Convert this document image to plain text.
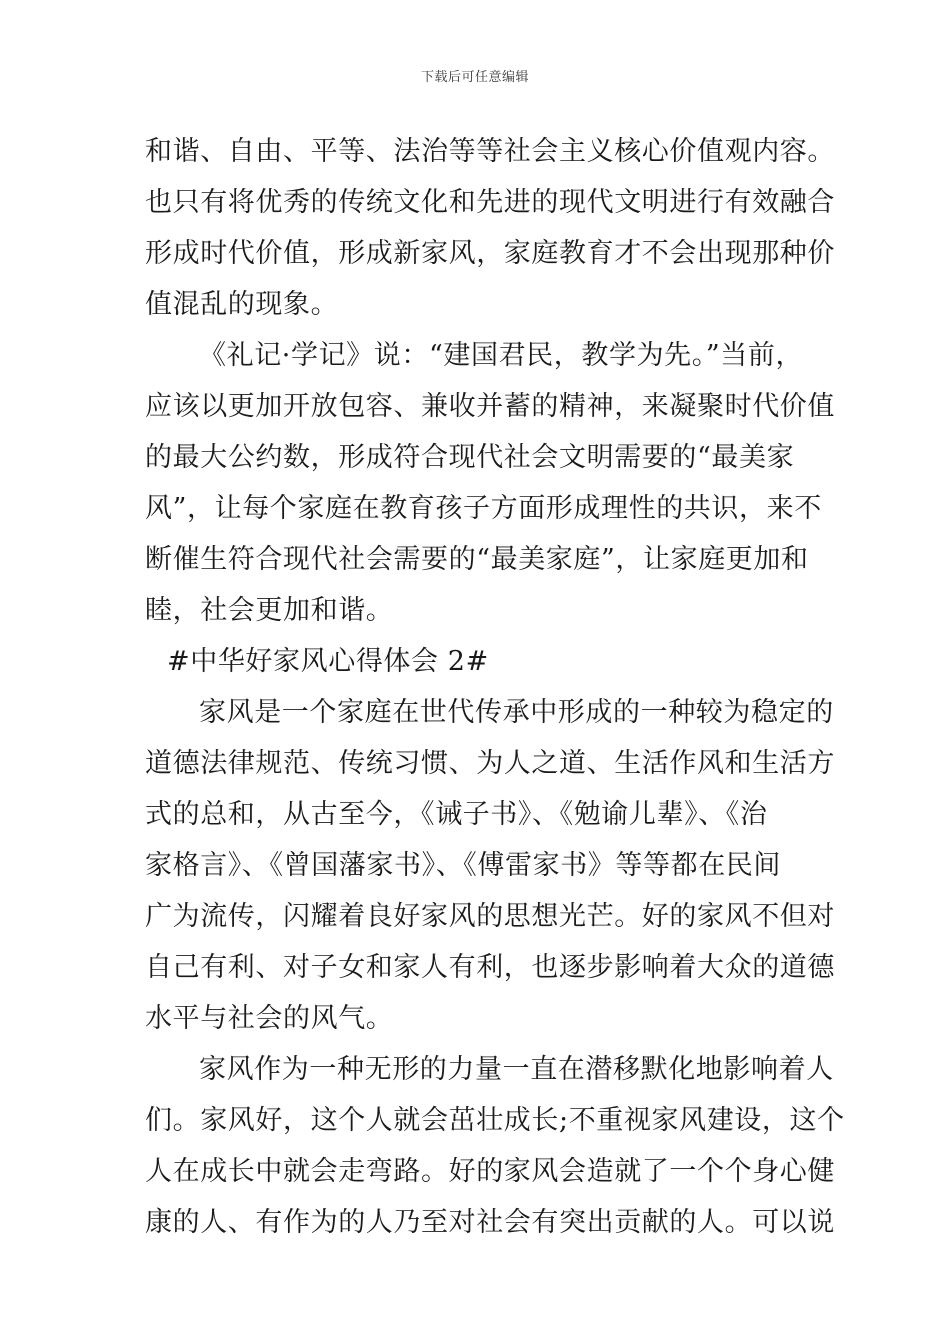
下载后可任意编辑
和谐、自由、平等、法治等等社会主义核心价值观内容。
也只有将优秀的传统文化和先进的现代文明进行有效融合
形成时代价值，形成新家风，家庭教育才不会出现那种价
值混乱的现象。
《礼记·学记》说：“建国君民，教学为先。”当前，
应该以更加开放包容、兼收并蓄的精神，来凝聚时代价值
的最大公约数，形成符合现代社会文明需要的“最美家
风”，让每个家庭在教育孩子方面形成理性的共识，来不
断催生符合现代社会需要的“最美家庭”，让家庭更加和
睦，社会更加和谐。
#中华好家风心得体会 2#
家风是一个家庭在世代传承中形成的一种较为稳定的
道德法律规范、传统习惯、为人之道、生活作风和生活方
式的总和，从古至今，《诫子书》、《勉谕儿辈》、《治
家格言》、《曾国藩家书》、《傅雷家书》等等都在民间
广为流传，闪耀着良好家风的思想光芒。好的家风不但对
自己有利、对子女和家人有利，也逐步影响着大众的道德
水平与社会的风气。
家风作为一种无形的力量一直在潜移默化地影响着人
们。家风好，这个人就会茁壮成长;不重视家风建设，这个
人在成长中就会走弯路。好的家风会造就了一个个身心健
康的人、有作为的人乃至对社会有突出贡献的人。可以说
